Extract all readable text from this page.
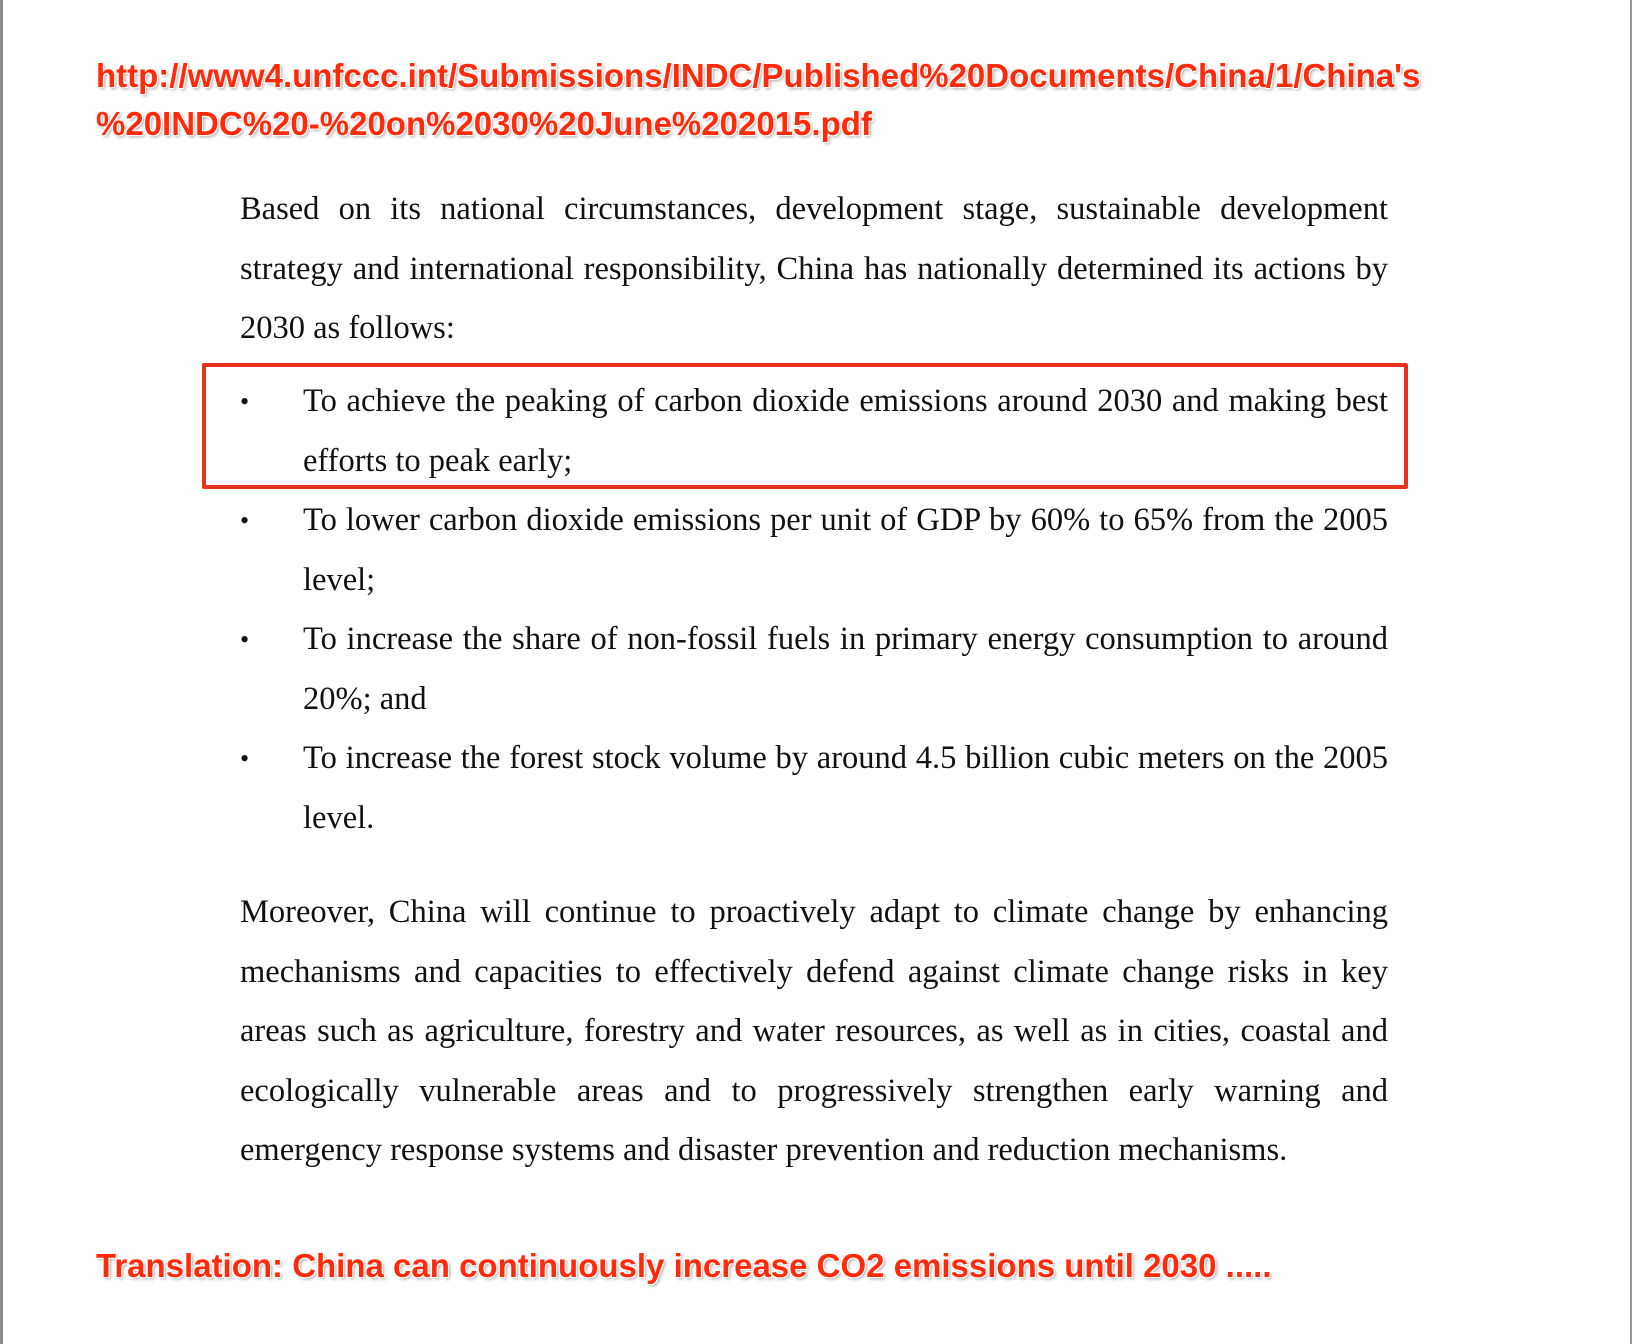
http://www4.unfccc.int/Submissions/INDC/Published%20Documents/China/1/China's
%20INDC%20-%20on%2030%20June%202015.pdf

Based on its national circumstances, development stage, sustainable development strategy and international responsibility, China has nationally determined its actions by 2030 as follows:

•	To achieve the peaking of carbon dioxide emissions around 2030 and making best efforts to peak early;
•	To lower carbon dioxide emissions per unit of GDP by 60% to 65% from the 2005 level;
•	To increase the share of non-fossil fuels in primary energy consumption to around 20%; and
•	To increase the forest stock volume by around 4.5 billion cubic meters on the 2005 level.

Moreover, China will continue to proactively adapt to climate change by enhancing mechanisms and capacities to effectively defend against climate change risks in key areas such as agriculture, forestry and water resources, as well as in cities, coastal and ecologically vulnerable areas and to progressively strengthen early warning and emergency response systems and disaster prevention and reduction mechanisms.

Translation: China can continuously increase CO2 emissions until 2030 .....
